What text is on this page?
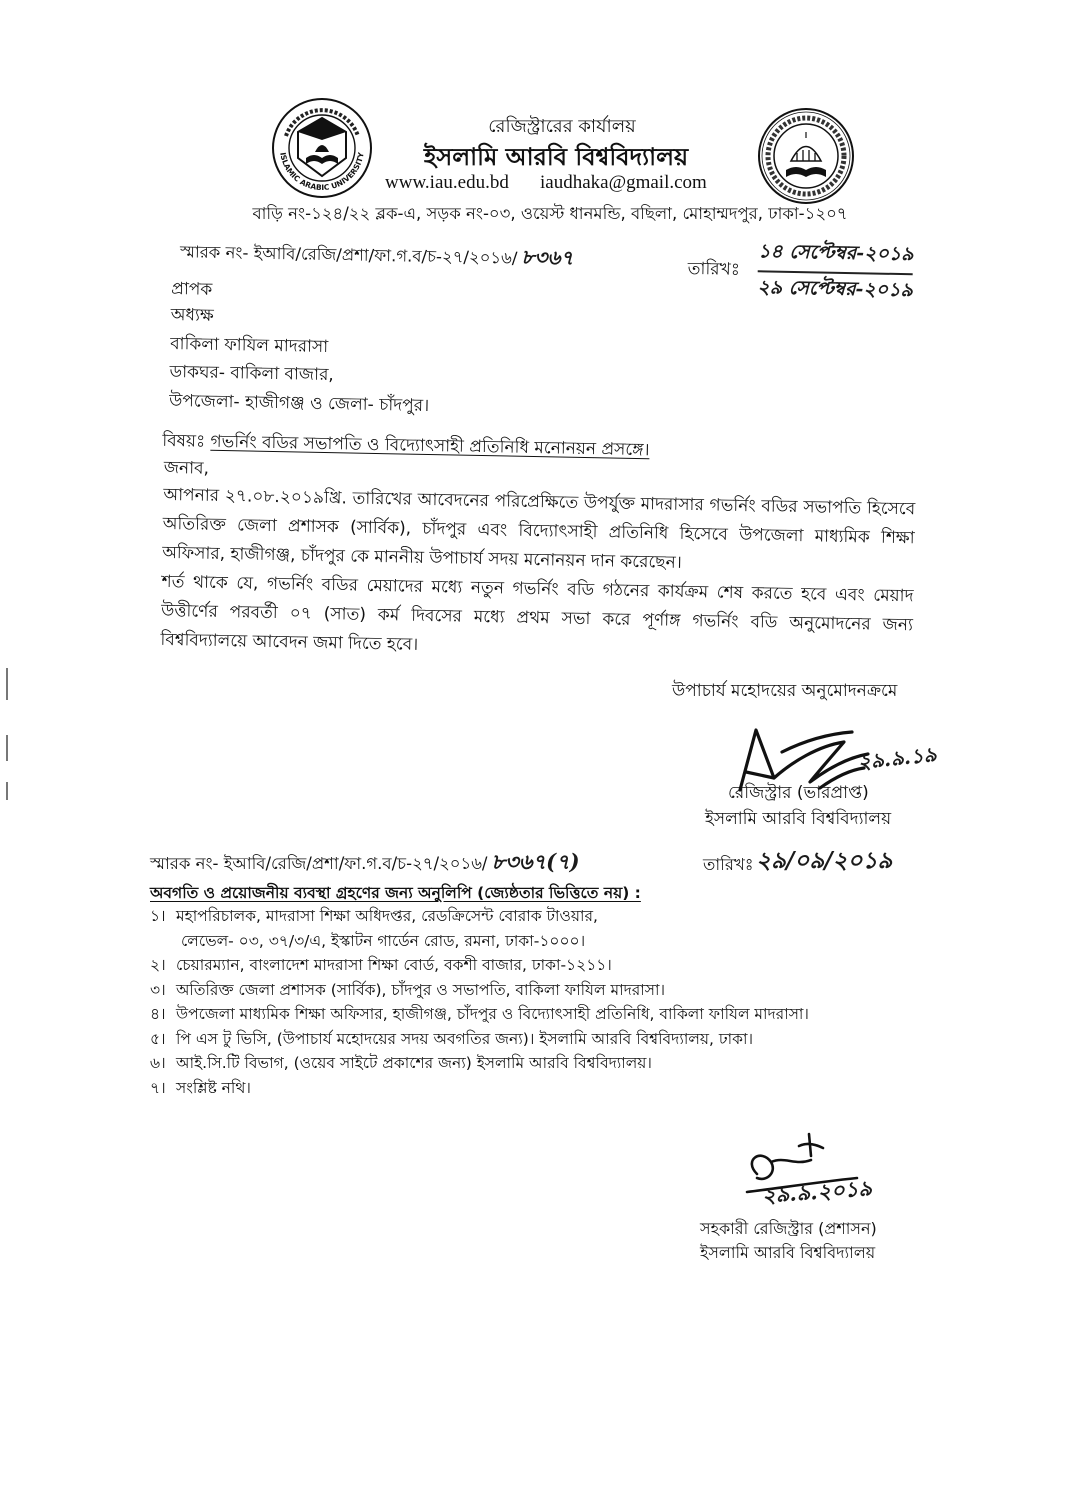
ISLAMIC ARABIC UNIVERSITY
রেজিস্ট্রারের কার্যালয়
ইসলামি আরবি বিশ্ববিদ্যালয়
www.iau.edu.bd iaudhaka@gmail.com
বাড়ি নং-১২৪/২২ ব্লক-এ, সড়ক নং-০৩, ওয়েস্ট ধানমন্ডি, বছিলা, মোহাম্মদপুর, ঢাকা-১২০৭
স্মারক নং- ইআবি/রেজি/প্রশা/ফা.গ.ব/চ-২৭/২০১৬/ ৮৩৬৭	তারিখঃ
১৪ সেপ্টেম্বর-২০১৯
২৯ সেপ্টেম্বর-২০১৯
প্রাপক
অধ্যক্ষ
বাকিলা ফাযিল মাদরাসা
ডাকঘর- বাকিলা বাজার,
উপজেলা- হাজীগঞ্জ ও জেলা- চাঁদপুর।
বিষয়ঃ গভর্নিং বডির সভাপতি ও বিদ্যোৎসাহী প্রতিনিধি মনোনয়ন প্রসঙ্গে।
জনাব,

আপনার ২৭.০৮.২০১৯খ্রি. তারিখের আবেদনের পরিপ্রেক্ষিতে উপর্যুক্ত মাদরাসার গভর্নিং বডির সভাপতি হিসেবে অতিরিক্ত জেলা প্রশাসক (সার্বিক), চাঁদপুর এবং বিদ্যোৎসাহী প্রতিনিধি হিসেবে উপজেলা মাধ্যমিক শিক্ষা অফিসার, হাজীগঞ্জ, চাঁদপুর কে মাননীয় উপাচার্য সদয় মনোনয়ন দান করেছেন।

শর্ত থাকে যে, গভর্নিং বডির মেয়াদের মধ্যে নতুন গভর্নিং বডি গঠনের কার্যক্রম শেষ করতে হবে এবং মেয়াদ উত্তীর্ণের পরবর্তী ০৭ (সাত) কর্ম দিবসের মধ্যে প্রথম সভা করে পূর্ণাঙ্গ গভর্নিং বডি অনুমোদনের জন্য বিশ্ববিদ্যালয়ে আবেদন জমা দিতে হবে।

উপাচার্য মহোদয়ের অনুমোদনক্রমে
২৯.৯.১৯
রেজিস্ট্রার (ভারপ্রাপ্ত)
ইসলামি আরবি বিশ্ববিদ্যালয়
স্মারক নং- ইআবি/রেজি/প্রশা/ফা.গ.ব/চ-২৭/২০১৬/ ৮৩৬৭(৭)	তারিখঃ ২৯/০৯/২০১৯
অবগতি ও প্রয়োজনীয় ব্যবস্থা গ্রহণের জন্য অনুলিপি (জ্যেষ্ঠতার ভিত্তিতে নয়) :
১। মহাপরিচালক, মাদরাসা শিক্ষা অধিদপ্তর, রেডক্রিসেন্ট বোরাক টাওয়ার,
লেভেল- ০৩, ৩৭/৩/এ, ইস্কাটন গার্ডেন রোড, রমনা, ঢাকা-১০০০।
২। চেয়ারম্যান, বাংলাদেশ মাদরাসা শিক্ষা বোর্ড, বকশী বাজার, ঢাকা-১২১১।
৩। অতিরিক্ত জেলা প্রশাসক (সার্বিক), চাঁদপুর ও সভাপতি, বাকিলা ফাযিল মাদরাসা।
৪। উপজেলা মাধ্যমিক শিক্ষা অফিসার, হাজীগঞ্জ, চাঁদপুর ও বিদ্যোৎসাহী প্রতিনিধি, বাকিলা ফাযিল মাদরাসা।
৫। পি এস টু ভিসি, (উপাচার্য মহোদয়ের সদয় অবগতির জন্য)। ইসলামি আরবি বিশ্ববিদ্যালয়, ঢাকা।
৬। আই.সি.টি বিভাগ, (ওয়েব সাইটে প্রকাশের জন্য) ইসলামি আরবি বিশ্ববিদ্যালয়।
৭। সংশ্লিষ্ট নথি।
২৯.৯.২০১৯
সহকারী রেজিস্ট্রার (প্রশাসন)
ইসলামি আরবি বিশ্ববিদ্যালয়
